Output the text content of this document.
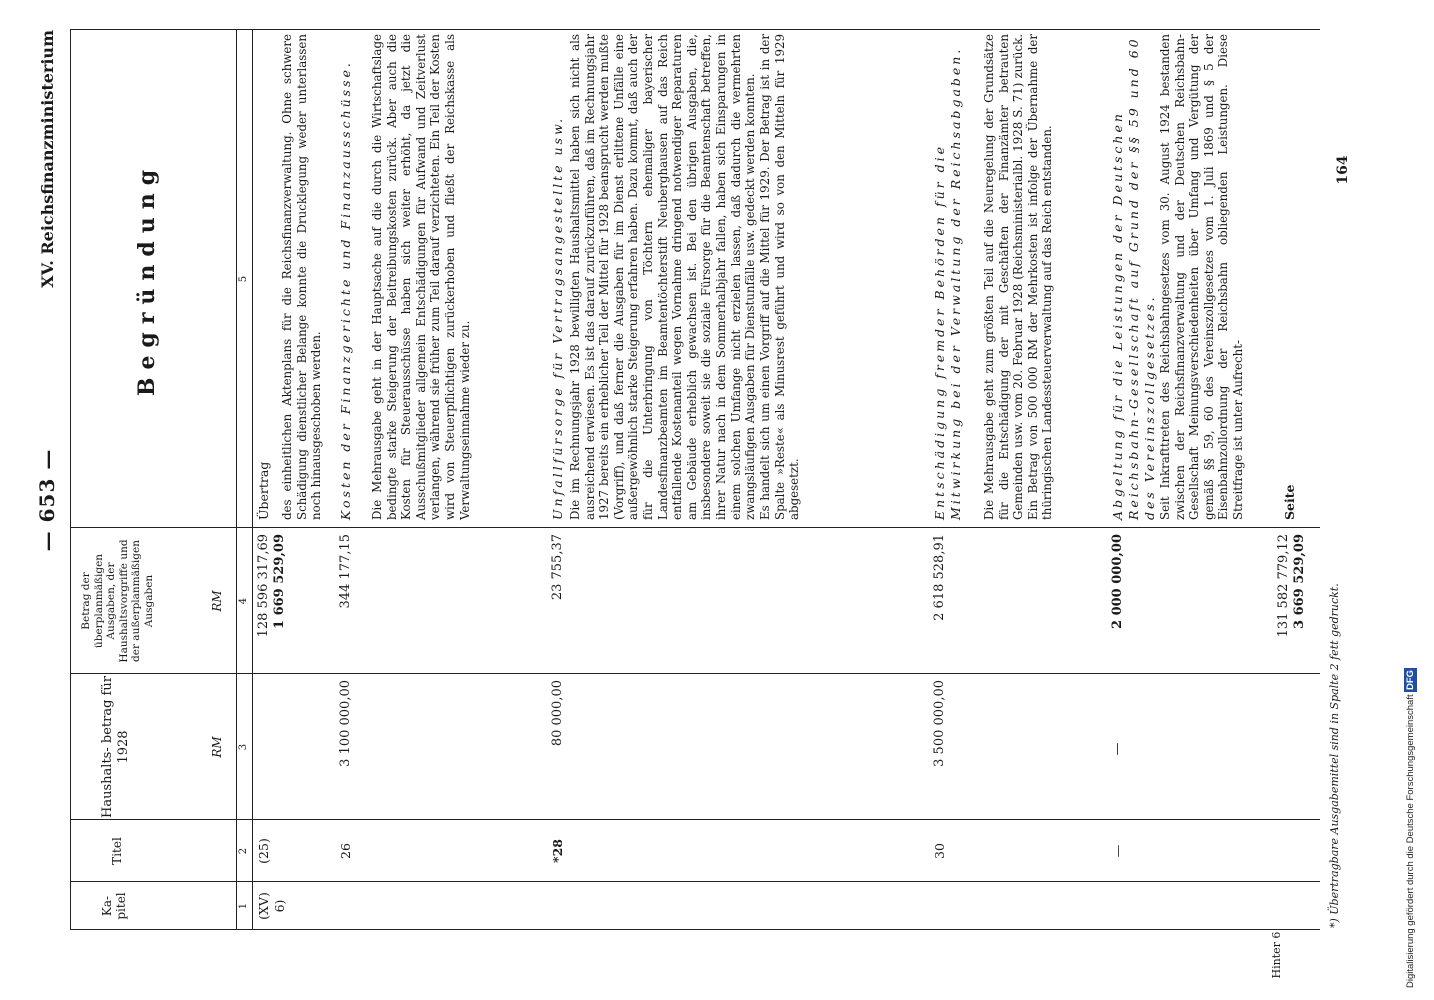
Digitalisierung gefördert durch die Deutsche Forschungsgemeinschaft DFG
— 653 —
XV. Reichsfinanzministerium
Ka- pitel
Titel
Haushalts- betrag für 1928	RM
Betrag der überplanmäßigen Ausgaben, der Haushaltsvorgriffe und der außerplanmäßigen Ausgaben	RM
Begründung
1
2
3
4
5
(XV) 6)
(25)
128 596 317,69 1 669 529,09
Übertrag des einheitlichen Aktenplans für die Reichsfinanzverwaltung. Ohne schwere Schädigung dienstlicher Belange konnte die Drucklegung weder unterlassen noch hinausgeschoben werden.
26
3 100 000,00
344 177,15
Kosten der Finanzgerichte und Finanzausschüsse. Die Mehrausgabe geht in der Hauptsache auf die durch die Wirtschaftslage bedingte starke Steigerung der Beitreibungskosten zurück. Aber auch die Kosten für Steuerausschüsse haben sich weiter erhöht, da jetzt die Ausschußmitglieder allgemein Entschädigungen für Aufwand und Zeitverlust verlangen, während sie früher zum Teil darauf verzichteten. Ein Teil der Kosten wird von Steuerpflichtigen zurückerhoben und fließt der Reichskasse als Verwaltungseinnahme wieder zu.
*28
80 000,00
23 755,37
Unfallfürsorge für Vertragsangestellte usw. Die im Rechnungsjahr 1928 bewilligten Haushaltsmittel haben sich nicht als ausreichend erwiesen. Es ist das darauf zurückzuführen, daß im Rechnungsjahr 1927 bereits ein erheblicher Teil der Mittel für 1928 beansprucht werden mußte (Vorgriff), und daß ferner die Ausgaben für im Dienst erlittene Unfälle eine außergewöhnlich starke Steigerung erfahren haben. Dazu kommt, daß auch der für die Unterbringung von Töchtern ehemaliger bayerischer Landesfinanzbeamten im Beamtentöchterstift Neuberghausen auf das Reich entfallende Kostenanteil wegen Vornahme dringend notwendiger Reparaturen am Gebäude erheblich gewachsen ist. Bei den übrigen Ausgaben, die, insbesondere soweit sie die soziale Fürsorge für die Beamtenschaft betreffen, ihrer Natur nach in dem Sommerhalbjahr fallen, haben sich Einsparungen in einem solchen Umfange nicht erzielen lassen, daß dadurch die vermehrten zwangsläufigen Ausgaben für Dienstunfälle usw. gedeckt werden konnten. Es handelt sich um einen Vorgriff auf die Mittel für 1929. Der Betrag ist in der Spalte »Reste« als Minusrest geführt und wird so von den Mitteln für 1929 abgesetzt.
30
3 500 000,00
2 618 528,91
Entschädigung fremder Behörden für die Mitwirkung bei der Verwaltung der Reichsabgaben. Die Mehrausgabe geht zum größten Teil auf die Neuregelung der Grundsätze für die Entschädigung der mit Geschäften der Finanzämter betrauten Gemeinden usw. vom 20. Februar 1928 (Reichsministerialbl. 1928 S. 71) zurück. Ein Betrag von 500 000 RM der Mehrkosten ist infolge der Übernahme der thüringischen Landessteuerverwaltung auf das Reich entstanden.
—
—
2 000 000,00
Abgeltung für die Leistungen der Deutschen Reichsbahn-Gesellschaft auf Grund der §§ 59 und 60 des Vereinszollgesetzes. Seit Inkrafttreten des Reichsbahngesetzes vom 30. August 1924 bestanden zwischen der Reichsfinanzverwaltung und der Deutschen Reichsbahn-Gesellschaft Meinungsverschiedenheiten über Umfang und Vergütung der gemäß §§ 59, 60 des Vereinszollgesetzes vom 1. Juli 1869 und § 5 der Eisenbahnzollordnung der Reichsbahn obliegenden Leistungen. Diese Streitfrage ist unter Aufrecht-
131 582 779,12 3 669 529,09
Seite
Hinter 6
*) Übertragbare Ausgabemittel sind in Spalte 2 fett gedruckt.
164
